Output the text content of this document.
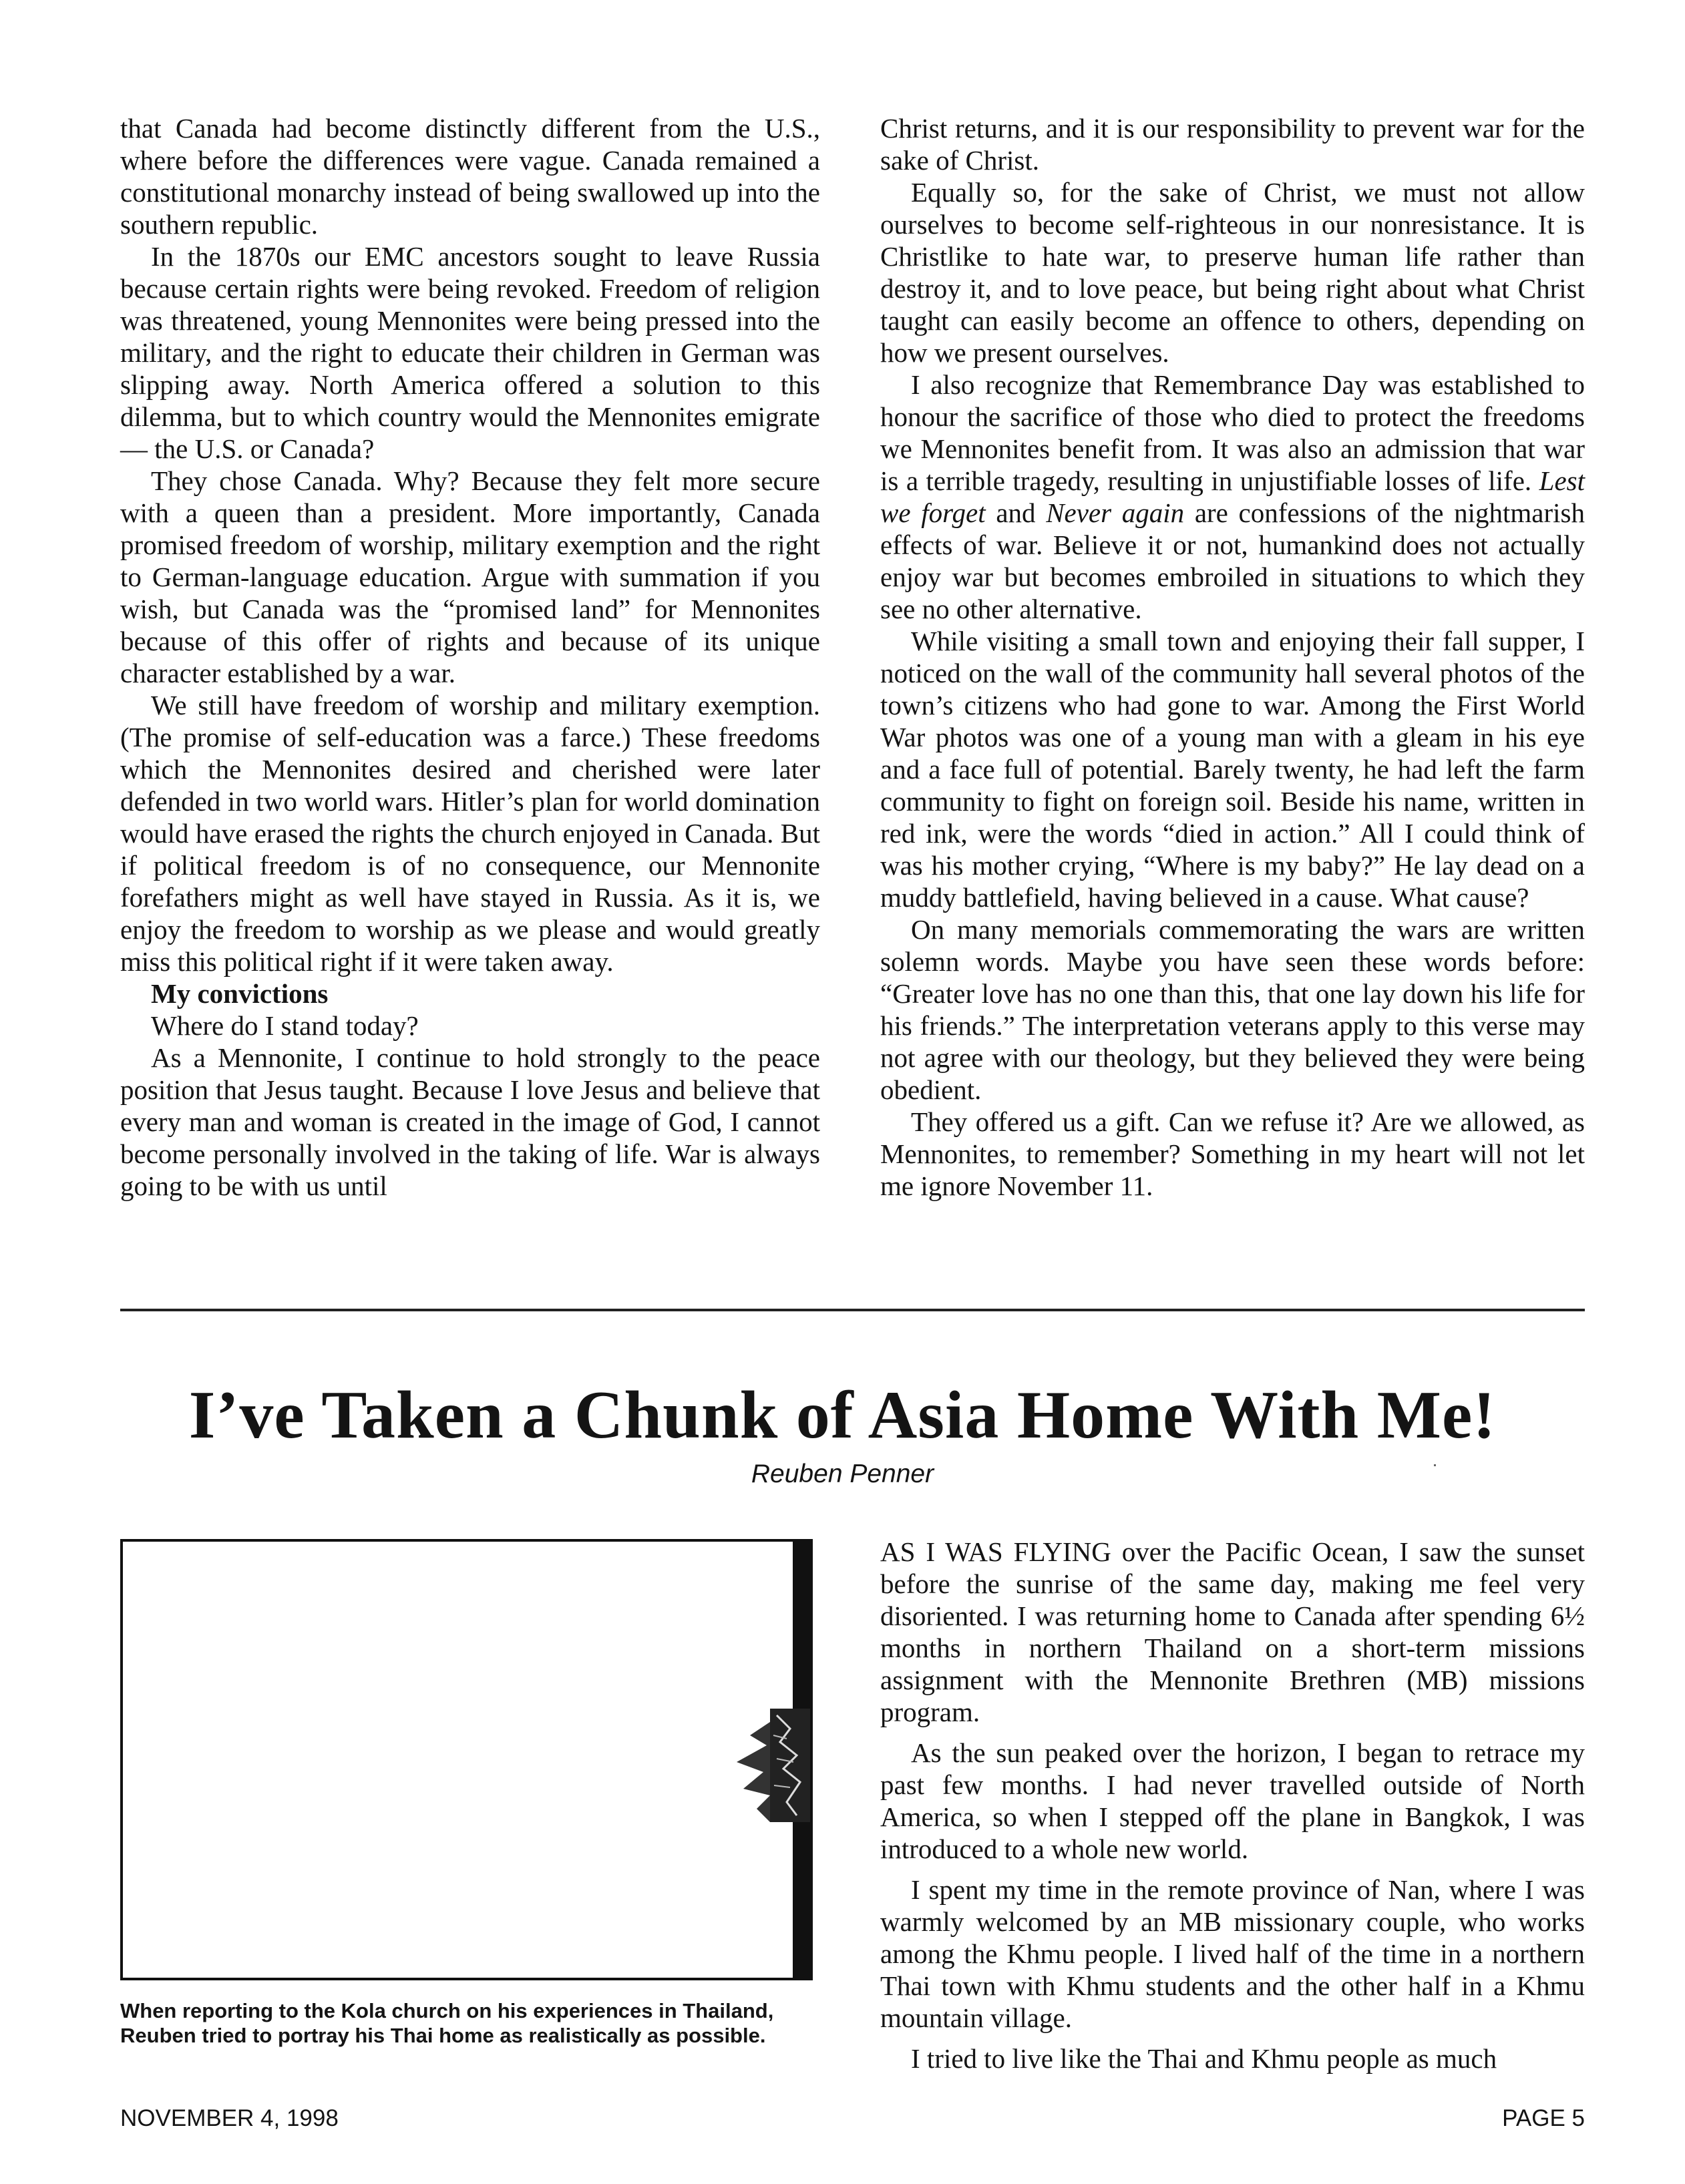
that Canada had become distinctly different from the U.S., where before the differences were vague. Canada remained a constitutional monarchy instead of being swallowed up into the southern republic.

In the 1870s our EMC ancestors sought to leave Russia because certain rights were being revoked. Freedom of religion was threatened, young Mennonites were being pressed into the military, and the right to educate their children in German was slipping away. North America offered a solution to this dilemma, but to which country would the Mennonites emigrate — the U.S. or Canada?

They chose Canada. Why? Because they felt more secure with a queen than a president. More importantly, Canada promised freedom of worship, military exemption and the right to German-language education. Argue with summation if you wish, but Canada was the “promised land” for Mennonites because of this offer of rights and because of its unique character established by a war.

We still have freedom of worship and military exemption. (The promise of self-education was a farce.) These freedoms which the Mennonites desired and cherished were later defended in two world wars. Hitler’s plan for world domination would have erased the rights the church enjoyed in Canada. But if political freedom is of no consequence, our Mennonite forefathers might as well have stayed in Russia. As it is, we enjoy the freedom to worship as we please and would greatly miss this political right if it were taken away.

My convictions

Where do I stand today?

As a Mennonite, I continue to hold strongly to the peace position that Jesus taught. Because I love Jesus and believe that every man and woman is created in the image of God, I cannot become personally involved in the taking of life. War is always going to be with us until

Christ returns, and it is our responsibility to prevent war for the sake of Christ.

Equally so, for the sake of Christ, we must not allow ourselves to become self-righteous in our nonresistance. It is Christlike to hate war, to preserve human life rather than destroy it, and to love peace, but being right about what Christ taught can easily become an offence to others, depending on how we present ourselves.

I also recognize that Remembrance Day was established to honour the sacrifice of those who died to protect the freedoms we Mennonites benefit from. It was also an admission that war is a terrible tragedy, resulting in unjustifiable losses of life. Lest we forget and Never again are confessions of the nightmarish effects of war. Believe it or not, humankind does not actually enjoy war but becomes embroiled in situations to which they see no other alternative.

While visiting a small town and enjoying their fall supper, I noticed on the wall of the community hall several photos of the town’s citizens who had gone to war. Among the First World War photos was one of a young man with a gleam in his eye and a face full of potential. Barely twenty, he had left the farm community to fight on foreign soil. Beside his name, written in red ink, were the words “died in action.” All I could think of was his mother crying, “Where is my baby?” He lay dead on a muddy battlefield, having believed in a cause. What cause?

On many memorials commemorating the wars are written solemn words. Maybe you have seen these words before: “Greater love has no one than this, that one lay down his life for his friends.” The interpretation veterans apply to this verse may not agree with our theology, but they believed they were being obedient.

They offered us a gift. Can we refuse it? Are we allowed, as Mennonites, to remember? Something in my heart will not let me ignore November 11.

I’ve Taken a Chunk of Asia Home With Me!
Reuben Penner
When reporting to the Kola church on his experiences in Thailand, Reuben tried to portray his Thai home as realistically as possible.

AS I WAS FLYING over the Pacific Ocean, I saw the sunset before the sunrise of the same day, making me feel very disoriented. I was returning home to Canada after spending 6½ months in northern Thailand on a short-term missions assignment with the Mennonite Brethren (MB) missions program.

As the sun peaked over the horizon, I began to retrace my past few months. I had never travelled outside of North America, so when I stepped off the plane in Bangkok, I was introduced to a whole new world.

I spent my time in the remote province of Nan, where I was warmly welcomed by an MB missionary couple, who works among the Khmu people. I lived half of the time in a northern Thai town with Khmu students and the other half in a Khmu mountain village.

I tried to live like the Thai and Khmu people as much

NOVEMBER 4, 1998	PAGE 5
